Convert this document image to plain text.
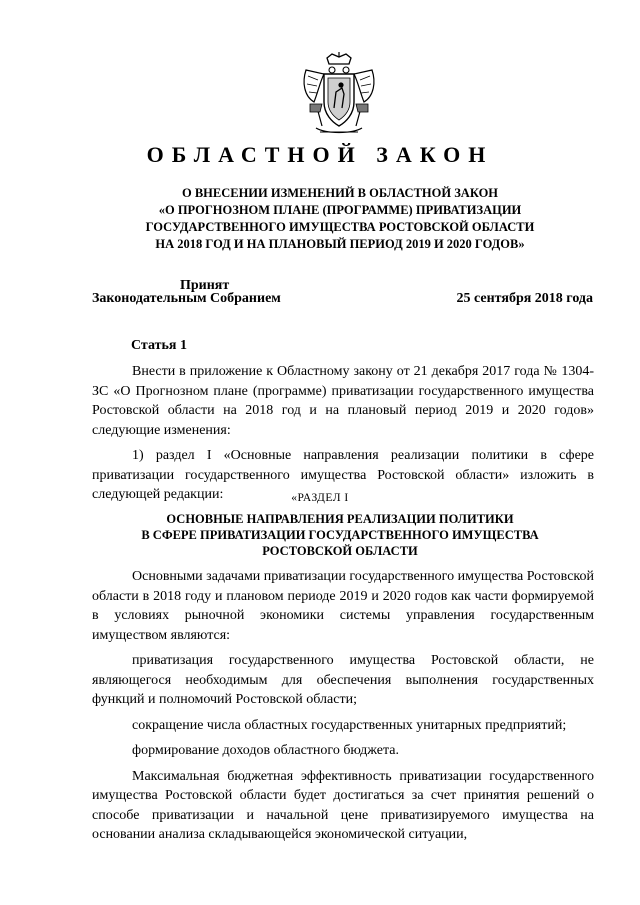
ОБЛАСТНОЙ ЗАКОН
О ВНЕСЕНИИ ИЗМЕНЕНИЙ В ОБЛАСТНОЙ ЗАКОН
«О ПРОГНОЗНОМ ПЛАНЕ (ПРОГРАММЕ) ПРИВАТИЗАЦИИ
ГОСУДАРСТВЕННОГО ИМУЩЕСТВА РОСТОВСКОЙ ОБЛАСТИ
НА 2018 ГОД И НА ПЛАНОВЫЙ ПЕРИОД 2019 И 2020 ГОДОВ»
Принят
Законодательным Собранием	25 сентября 2018 года
Статья 1

Внести в приложение к Областному закону от 21 декабря 2017 года № 1304-ЗС «О Прогнозном плане (программе) приватизации государственного имущества Ростовской области на 2018 год и на плановый период 2019 и 2020 годов» следующие изменения:

1) раздел I «Основные направления реализации политики в сфере приватизации государственного имущества Ростовской области» изложить в следующей редакции:	«РАЗДЕЛ I
ОСНОВНЫЕ НАПРАВЛЕНИЯ РЕАЛИЗАЦИИ ПОЛИТИКИ
В СФЕРЕ ПРИВАТИЗАЦИИ ГОСУДАРСТВЕННОГО ИМУЩЕСТВА
РОСТОВСКОЙ ОБЛАСТИ

Основными задачами приватизации государственного имущества Ростовской области в 2018 году и плановом периоде 2019 и 2020 годов как части формируемой в условиях рыночной экономики системы управления государственным имуществом являются:

приватизация государственного имущества Ростовской области, не являющегося необходимым для обеспечения выполнения государственных функций и полномочий Ростовской области;

сокращение числа областных государственных унитарных предприятий;

формирование доходов областного бюджета.

Максимальная бюджетная эффективность приватизации государственного имущества Ростовской области будет достигаться за счет принятия решений о способе приватизации и начальной цене приватизируемого имущества на основании анализа складывающейся экономической ситуации,
